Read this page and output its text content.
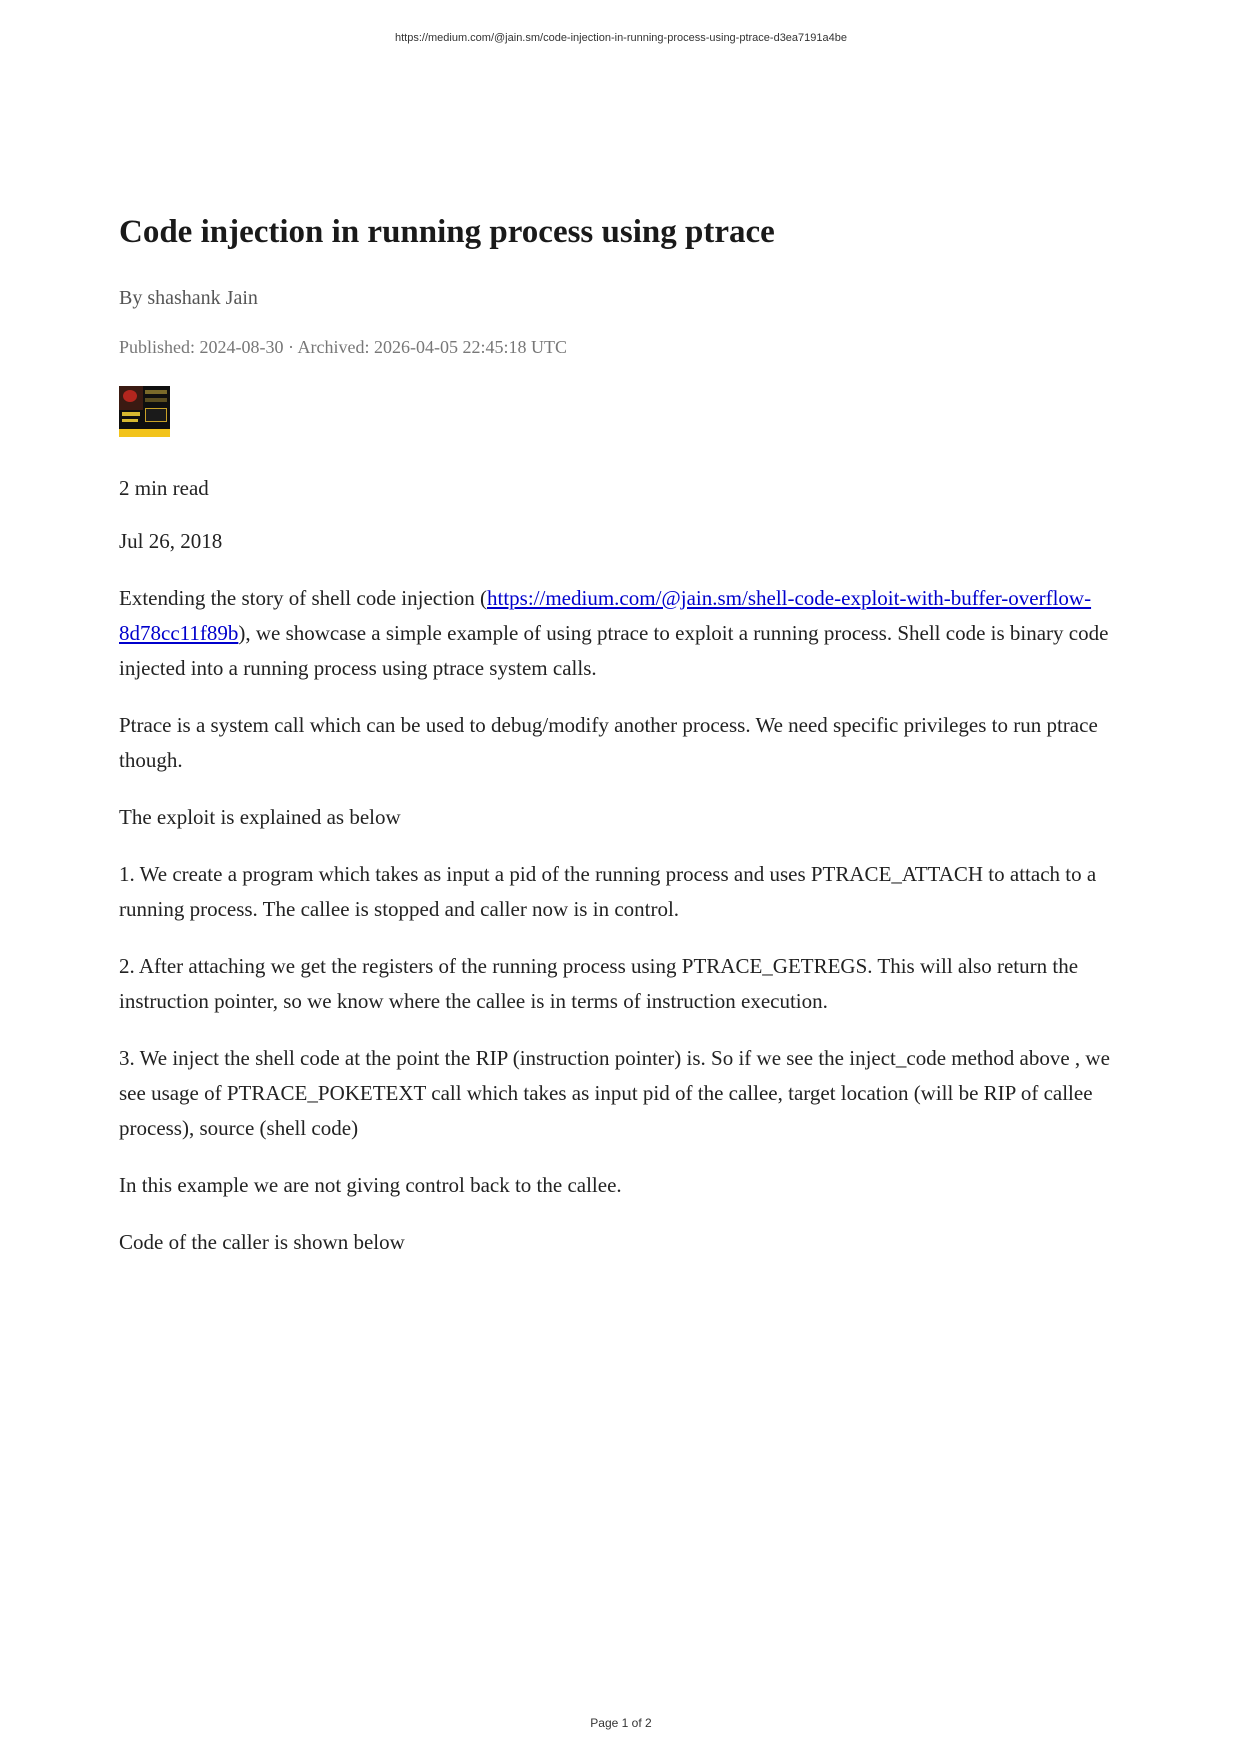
https://medium.com/@jain.sm/code-injection-in-running-process-using-ptrace-d3ea7191a4be
Code injection in running process using ptrace
By shashank Jain
Published: 2024-08-30 · Archived: 2026-04-05 22:45:18 UTC

2 min read

Jul 26, 2018

Extending the story of shell code injection (https://medium.com/@jain.sm/shell-code-exploit-with-buffer-overflow-8d78cc11f89b), we showcase a simple example of using ptrace to exploit a running process. Shell code is binary code injected into a running process using ptrace system calls.

Ptrace is a system call which can be used to debug/modify another process. We need specific privileges to run ptrace though.

The exploit is explained as below

1. We create a program which takes as input a pid of the running process and uses PTRACE_ATTACH to attach to a running process. The callee is stopped and caller now is in control.

2. After attaching we get the registers of the running process using PTRACE_GETREGS. This will also return the instruction pointer, so we know where the callee is in terms of instruction execution.

3. We inject the shell code at the point the RIP (instruction pointer) is. So if we see the inject_code method above , we see usage of PTRACE_POKETEXT call which takes as input pid of the callee, target location (will be RIP of callee process), source (shell code)

In this example we are not giving control back to the callee.

Code of the caller is shown below

Page 1 of 2
